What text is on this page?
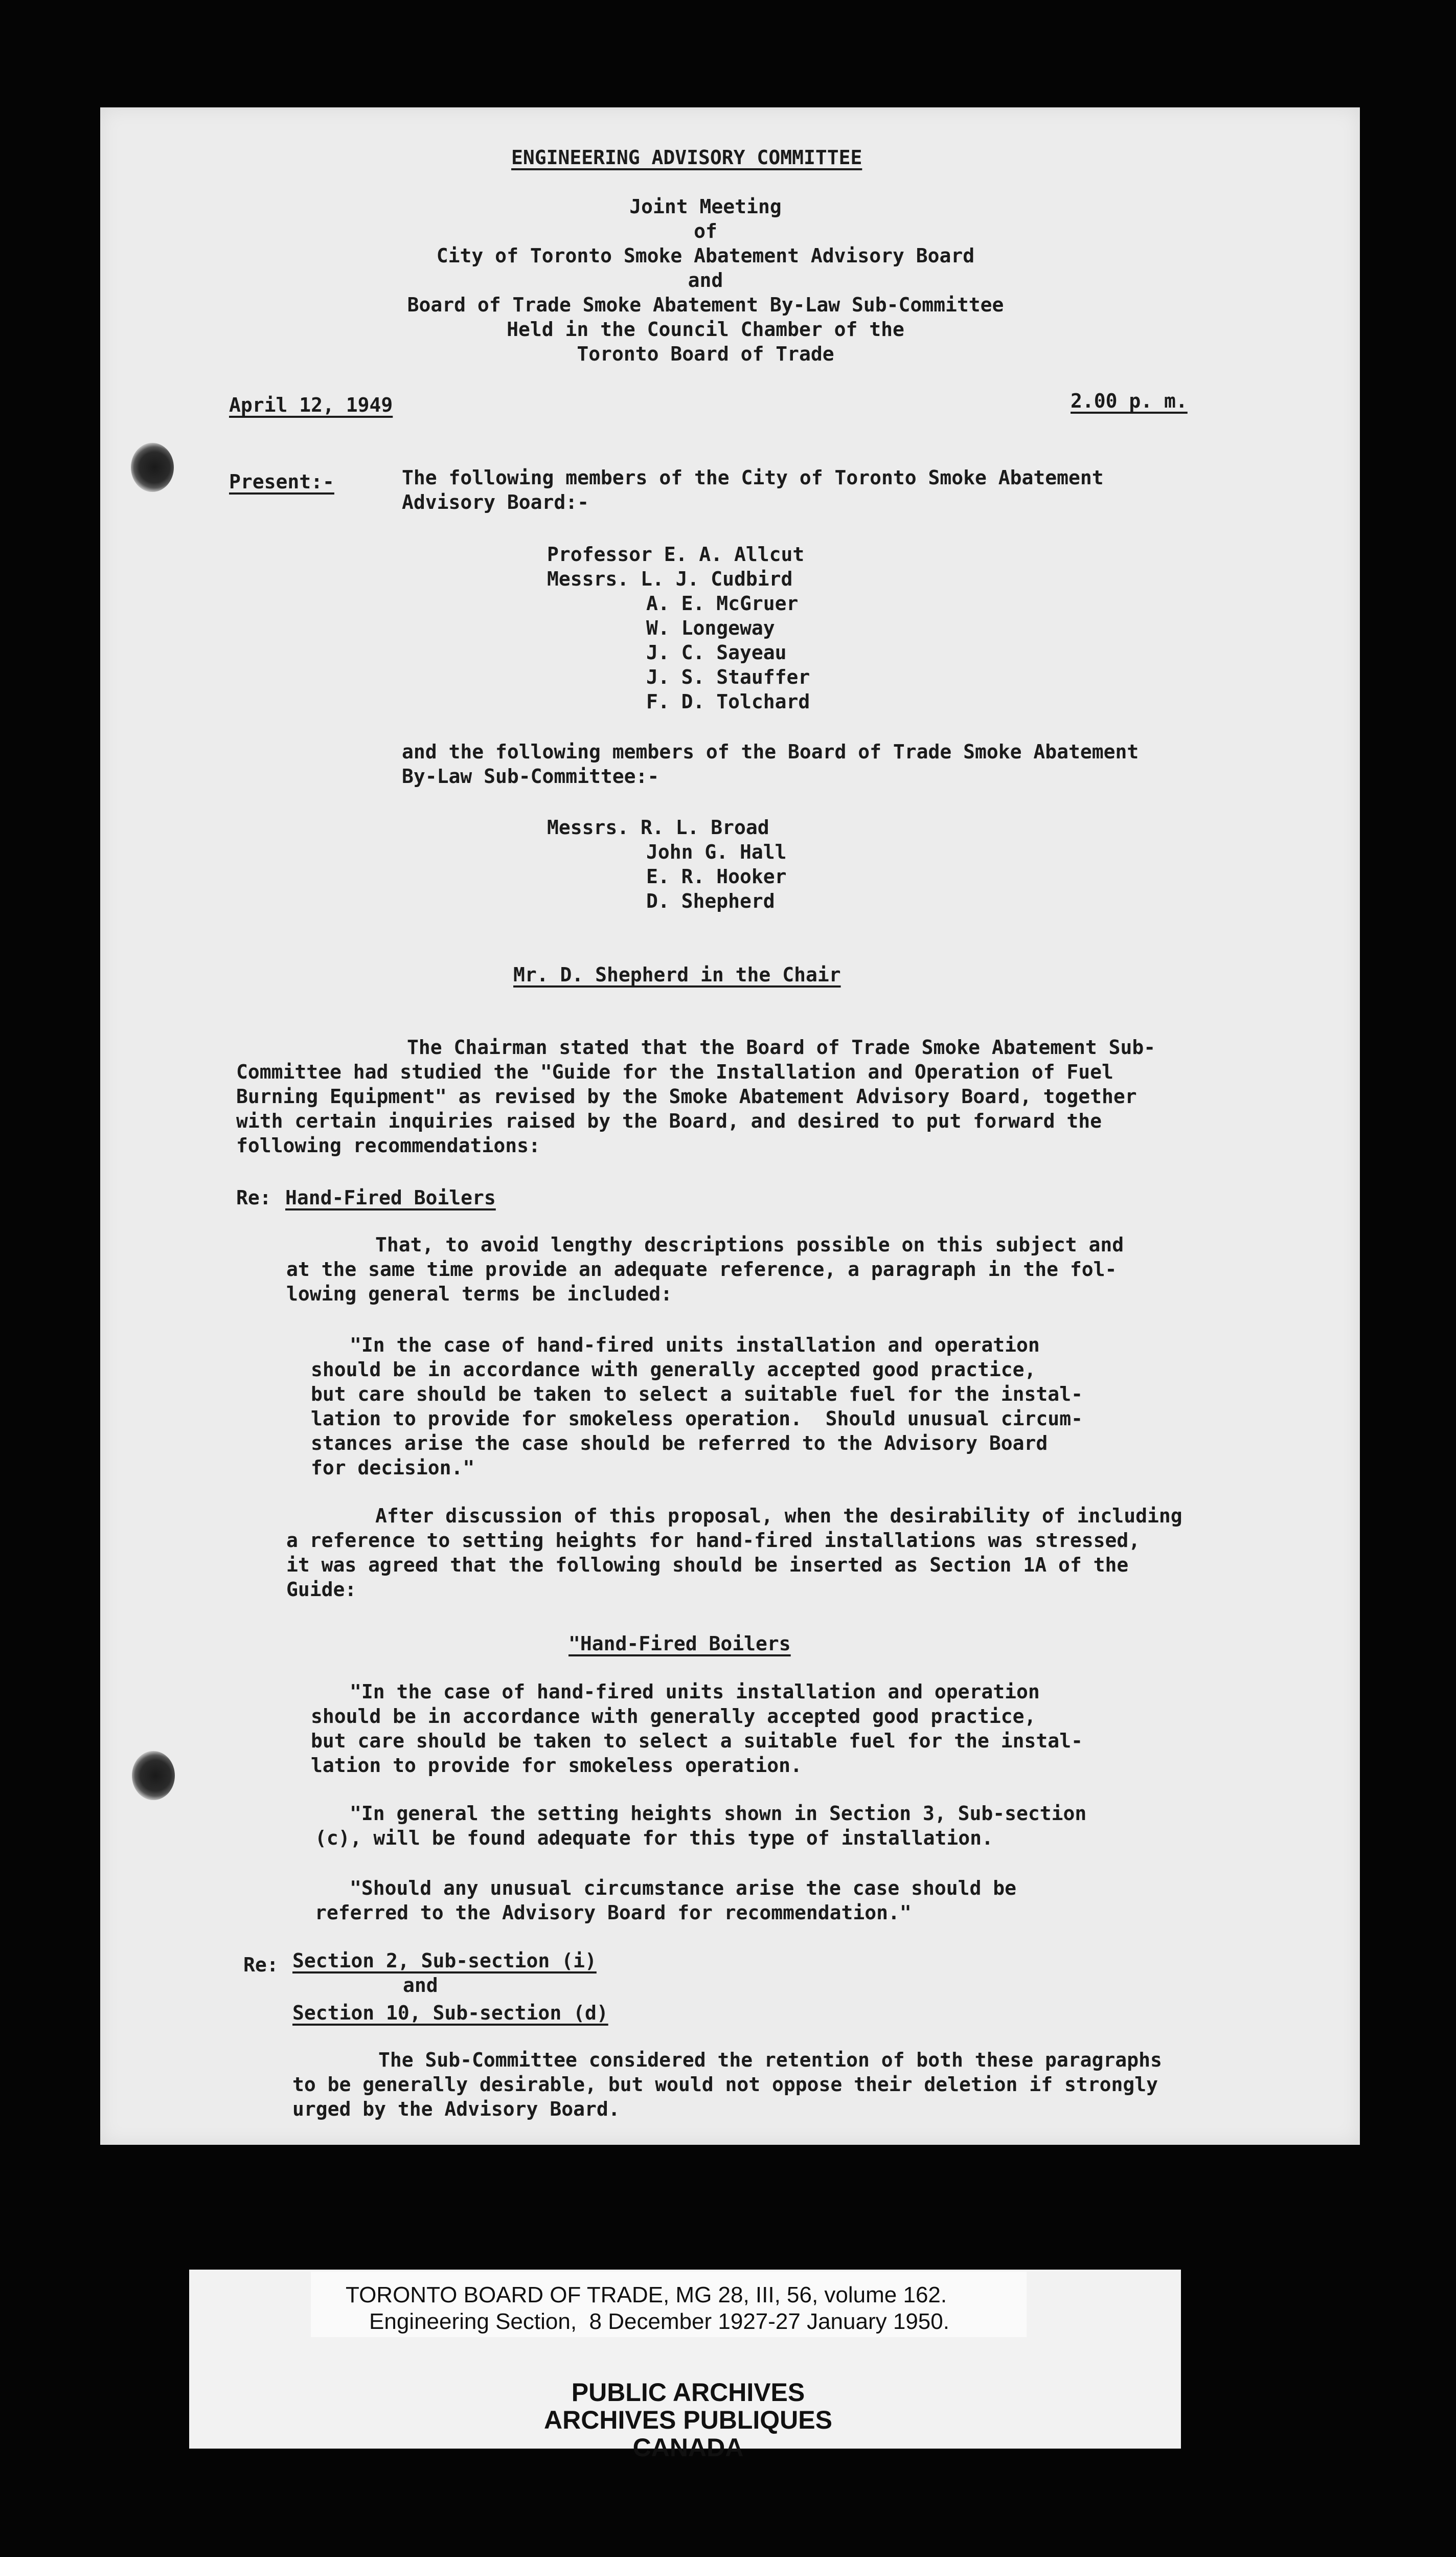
ENGINEERING ADVISORY COMMITTEE

Joint Meeting

of

City of Toronto Smoke Abatement Advisory Board

and

Board of Trade Smoke Abatement By-Law Sub-Committee

Held in the Council Chamber of the

Toronto Board of Trade

April 12, 1949	2.00 p. m.

Present:-	The following members of the City of Toronto Smoke Abatement

Advisory Board:-

Professor E. A. Allcut

Messrs. L. J. Cudbird

A. E. McGruer

W. Longeway

J. C. Sayeau

J. S. Stauffer

F. D. Tolchard

and the following members of the Board of Trade Smoke Abatement

By-Law Sub-Committee:-

Messrs. R. L. Broad

John G. Hall

E. R. Hooker

D. Shepherd

Mr. D. Shepherd in the Chair

The Chairman stated that the Board of Trade Smoke Abatement Sub-

Committee had studied the "Guide for the Installation and Operation of Fuel

Burning Equipment" as revised by the Smoke Abatement Advisory Board, together

with certain inquiries raised by the Board, and desired to put forward the

following recommendations:

Re: Hand-Fired Boilers

That, to avoid lengthy descriptions possible on this subject and

at the same time provide an adequate reference, a paragraph in the fol-

lowing general terms be included:

"In the case of hand-fired units installation and operation

should be in accordance with generally accepted good practice,

but care should be taken to select a suitable fuel for the instal-

lation to provide for smokeless operation.  Should unusual circum-

stances arise the case should be referred to the Advisory Board

for decision."

After discussion of this proposal, when the desirability of including

a reference to setting heights for hand-fired installations was stressed,

it was agreed that the following should be inserted as Section 1A of the

Guide:

"Hand-Fired Boilers

"In the case of hand-fired units installation and operation

should be in accordance with generally accepted good practice,

but care should be taken to select a suitable fuel for the instal-

lation to provide for smokeless operation.

"In general the setting heights shown in Section 3, Sub-section

(c), will be found adequate for this type of installation.

"Should any unusual circumstance arise the case should be

referred to the Advisory Board for recommendation."

Re: Section 2, Sub-section (i)

and

Section 10, Sub-section (d)

The Sub-Committee considered the retention of both these paragraphs

to be generally desirable, but would not oppose their deletion if strongly

urged by the Advisory Board.

TORONTO BOARD OF TRADE, MG 28, III, 56, volume 162.

Engineering Section,  8 December 1927-27 January 1950.

PUBLIC ARCHIVES

ARCHIVES PUBLIQUES

CANADA
